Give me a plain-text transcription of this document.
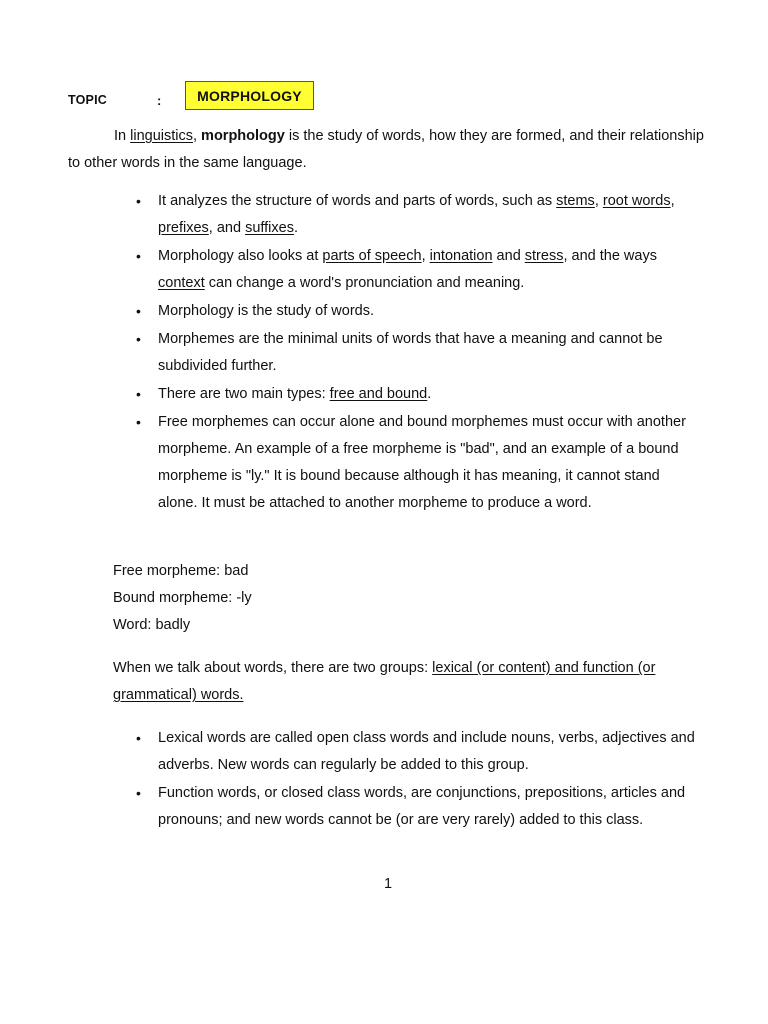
TOPIC	:	MORPHOLOGY
In linguistics, morphology is the study of words, how they are formed, and their relationship to other words in the same language.
• It analyzes the structure of words and parts of words, such as stems, root words, prefixes, and suffixes.
• Morphology also looks at parts of speech, intonation and stress, and the ways context can change a word's pronunciation and meaning.
• Morphology is the study of words.
• Morphemes are the minimal units of words that have a meaning and cannot be subdivided further.
• There are two main types: free and bound.
• Free morphemes can occur alone and bound morphemes must occur with another morpheme. An example of a free morpheme is "bad", and an example of a bound morpheme is "ly." It is bound because although it has meaning, it cannot stand alone. It must be attached to another morpheme to produce a word.
Free morpheme: bad
Bound morpheme: -ly
Word: badly
When we talk about words, there are two groups: lexical (or content) and function (or grammatical) words.
• Lexical words are called open class words and include nouns, verbs, adjectives and adverbs. New words can regularly be added to this group.
• Function words, or closed class words, are conjunctions, prepositions, articles and pronouns; and new words cannot be (or are very rarely) added to this class.
1
